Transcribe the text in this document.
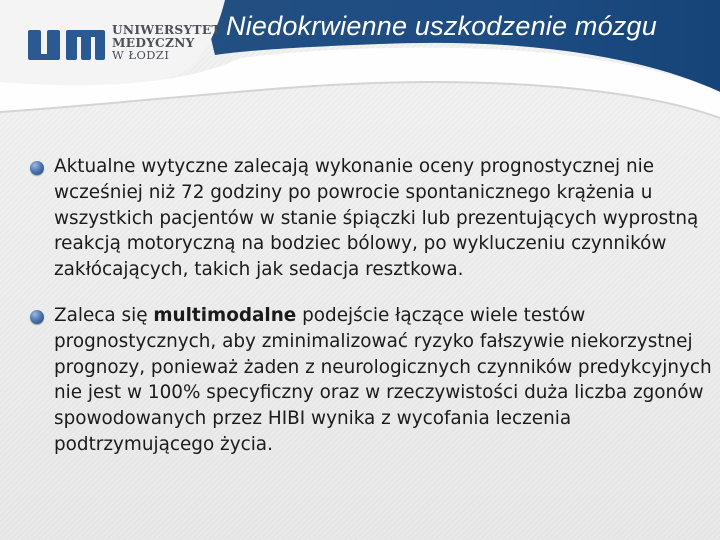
UNIWERSYTET
MEDYCZNY
W ŁODZI
Niedokrwienne uszkodzenie mózgu
Aktualne wytyczne zalecają wykonanie oceny prognostycznej nie wcześniej niż 72 godziny po powrocie spontanicznego krążenia u wszystkich pacjentów w stanie śpiączki lub prezentujących wyprostną reakcją motoryczną na bodziec bólowy, po wykluczeniu czynników zakłócających, takich jak sedacja resztkowa.
Zaleca się multimodalne podejście łączące wiele testów prognostycznych, aby zminimalizować ryzyko fałszywie niekorzystnej prognozy, ponieważ żaden z neurologicznych czynników predykcyjnych nie jest w 100% specyficzny oraz w rzeczywistości duża liczba zgonów spowodowanych przez HIBI wynika z wycofania leczenia podtrzymującego życia.
